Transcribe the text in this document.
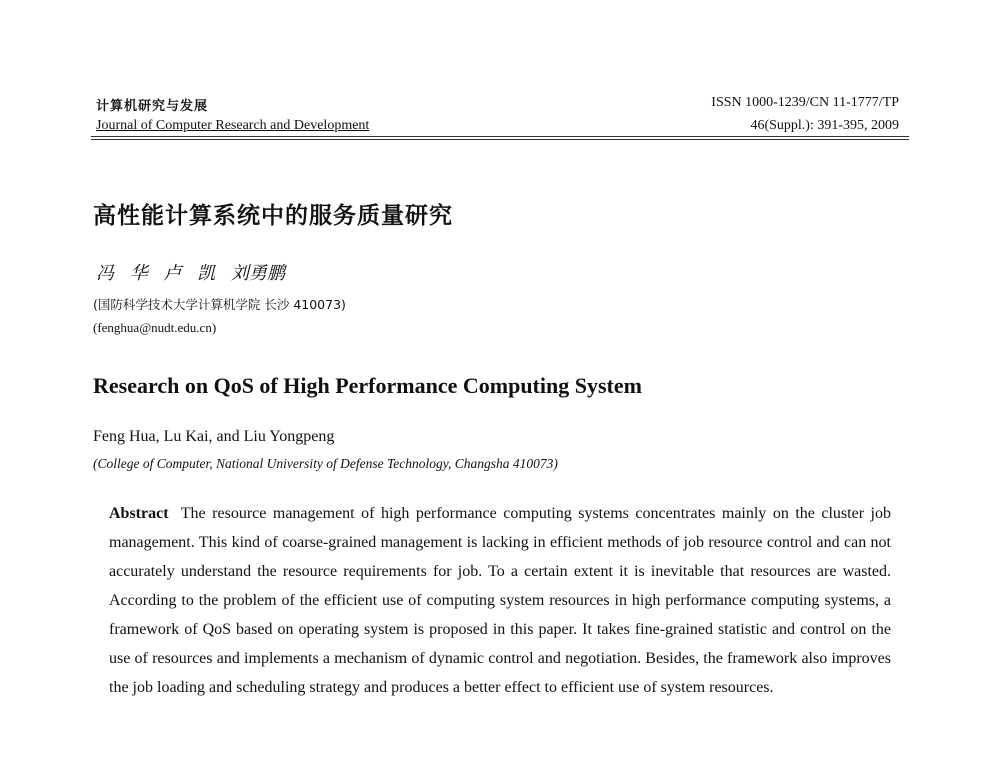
计算机研究与发展
Journal of Computer Research and Development
ISSN 1000-1239/CN 11-1777/TP
46(Suppl.): 391-395, 2009
高性能计算系统中的服务质量研究
冯 华 卢 凯 刘勇鹏
(国防科学技术大学计算机学院 长沙 410073)
(fenghua@nudt.edu.cn)
Research on QoS of High Performance Computing System
Feng Hua, Lu Kai, and Liu Yongpeng
(College of Computer, National University of Defense Technology, Changsha 410073)
Abstract The resource management of high performance computing systems concentrates mainly on the cluster job management. This kind of coarse-grained management is lacking in efficient methods of job resource control and can not accurately understand the resource requirements for job. To a certain extent it is inevitable that resources are wasted. According to the problem of the efficient use of computing system resources in high performance computing systems, a framework of QoS based on operating system is proposed in this paper. It takes fine-grained statistic and control on the use of resources and implements a mechanism of dynamic control and negotiation. Besides, the framework also improves the job loading and scheduling strategy and produces a better effect to efficient use of system resources.
